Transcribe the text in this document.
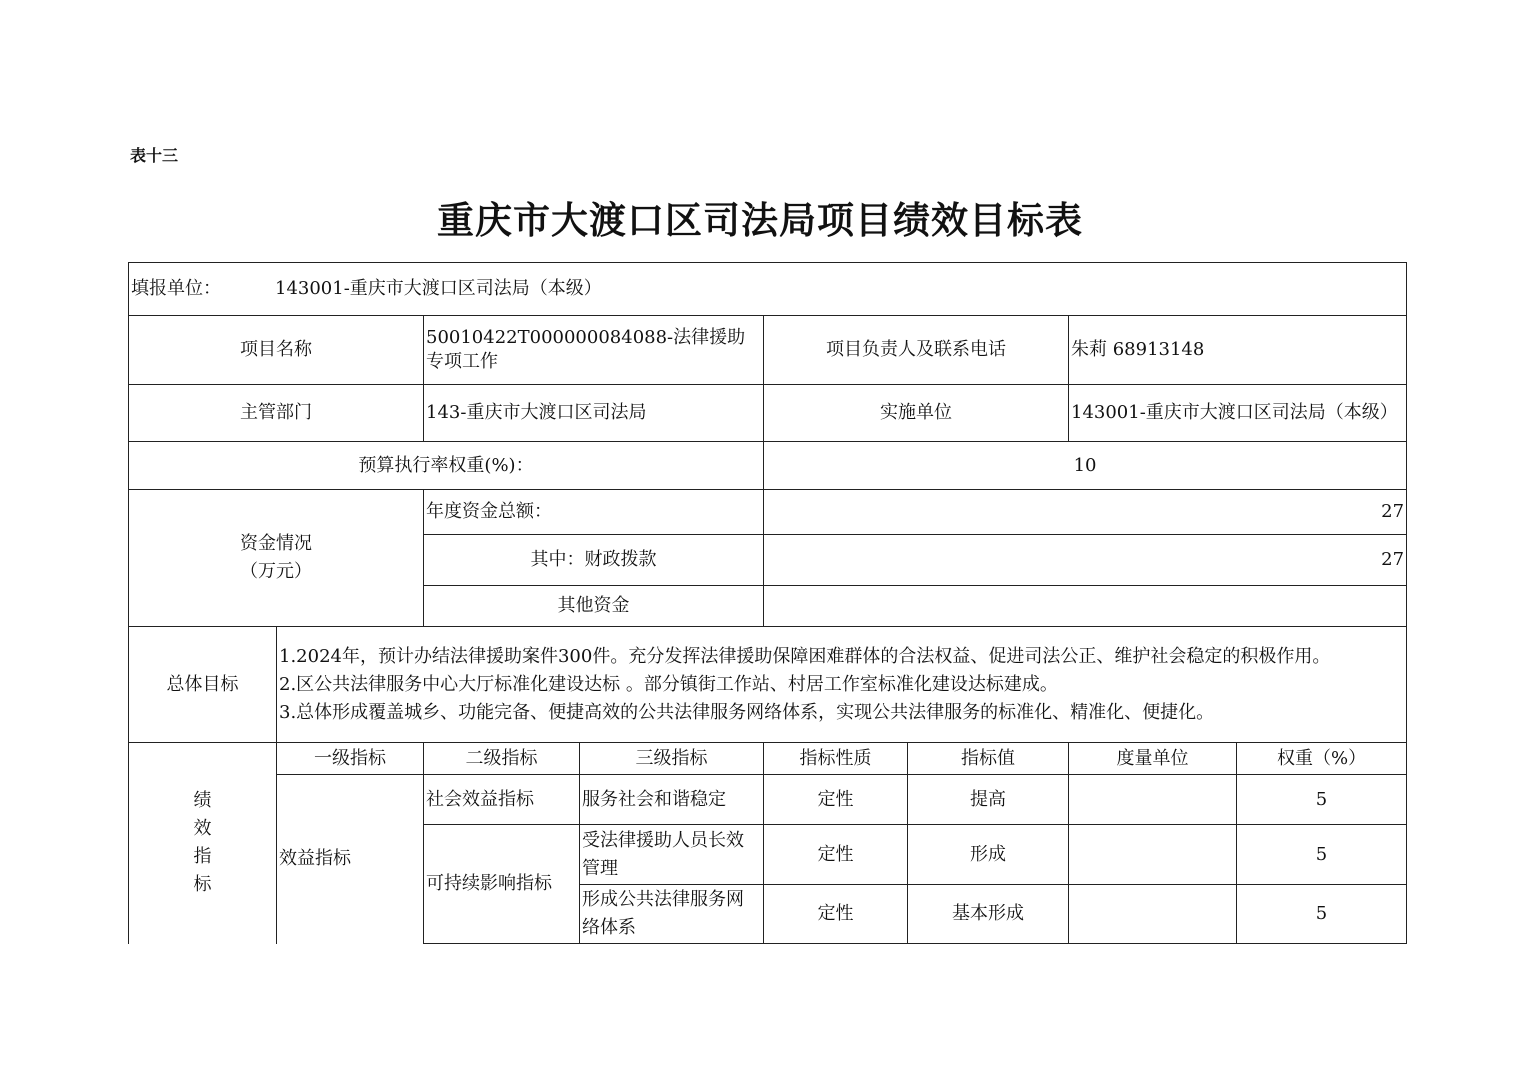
表十三
重庆市大渡口区司法局项目绩效目标表
填报单位： 143001-重庆市大渡口区司法局（本级）							
项目名称		50010422T000000084088-法律援助专项工作		项目负责人及联系电话		朱莉 68913148	
主管部门		143-重庆市大渡口区司法局		实施单位		143001-重庆市大渡口区司法局（本级）	
预算执行率权重(%)：				10			

资金情况
（万元）		年度资金总额：		27			
		其中：财政拨款		27			
		其他资金					
总体目标	1.2024年，预计办结法律援助案件300件。充分发挥法律援助保障困难群体的合法权益、促进司法公正、维护社会稳定的积极作用。
2.区公共法律服务中心大厅标准化建设达标 。部分镇街工作站、村居工作室标准化建设达标建成。
3.总体形成覆盖城乡、功能完备、便捷高效的公共法律服务网络体系，实现公共法律服务的标准化、精准化、便捷化。						

绩
效
指
标	一级指标	二级指标	三级指标	指标性质	指标值	度量单位	权重（%）
	效益指标	社会效益指标	服务社会和谐稳定	定性	提高		5
		可持续影响指标	受法律援助人员长效管理	定性	形成		5
			形成公共法律服务网络体系	定性	基本形成		5
